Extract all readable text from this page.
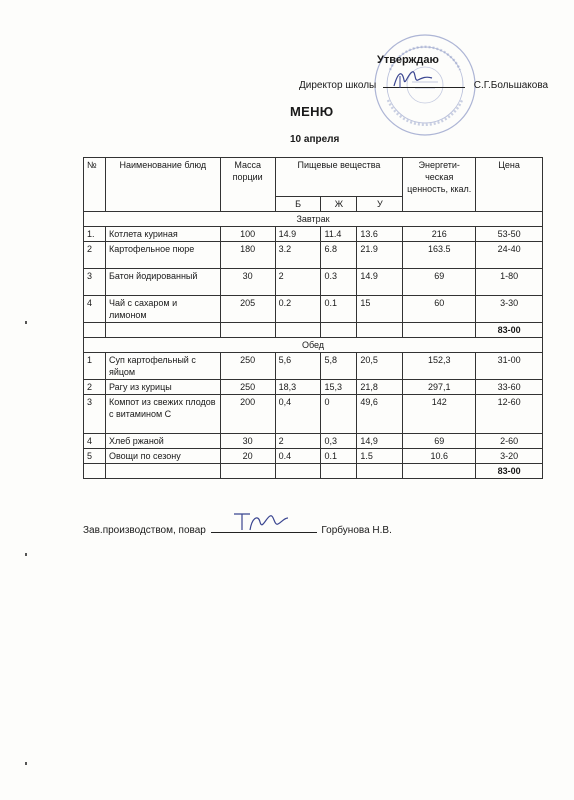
Утверждаю
Директор школы	С.Г.Большакова
МЕНЮ
10 апреля
№	Наименование блюд	Масса порции	Пищевые вещества			Энергети-ческая ценность, ккал.	Цена
			Б	Ж	У		
Завтрак							
1.	Котлета куриная	100	14.9	11.4	13.6	216	53-50
2	Картофельное пюре	180	3.2	6.8	21.9	163.5	24-40
3	Батон йодированный	30	2	0.3	14.9	69	1-80
4	Чай с сахаром и лимоном	205	0.2	0.1	15	60	3-30
							83-00
Обед							
1	Суп картофельный с яйцом	250	5,6	5,8	20,5	152,3	31-00
2	Рагу из курицы	250	18,3	15,3	21,8	297,1	33-60
3	Компот из свежих плодов с витамином С	200	0,4	0	49,6	142	12-60
4	Хлеб ржаной	30	2	0,3	14,9	69	2-60
5	Овощи по сезону	20	0.4	0.1	1.5	10.6	3-20
							83-00
Зав.производством, повар	Горбунова Н.В.
